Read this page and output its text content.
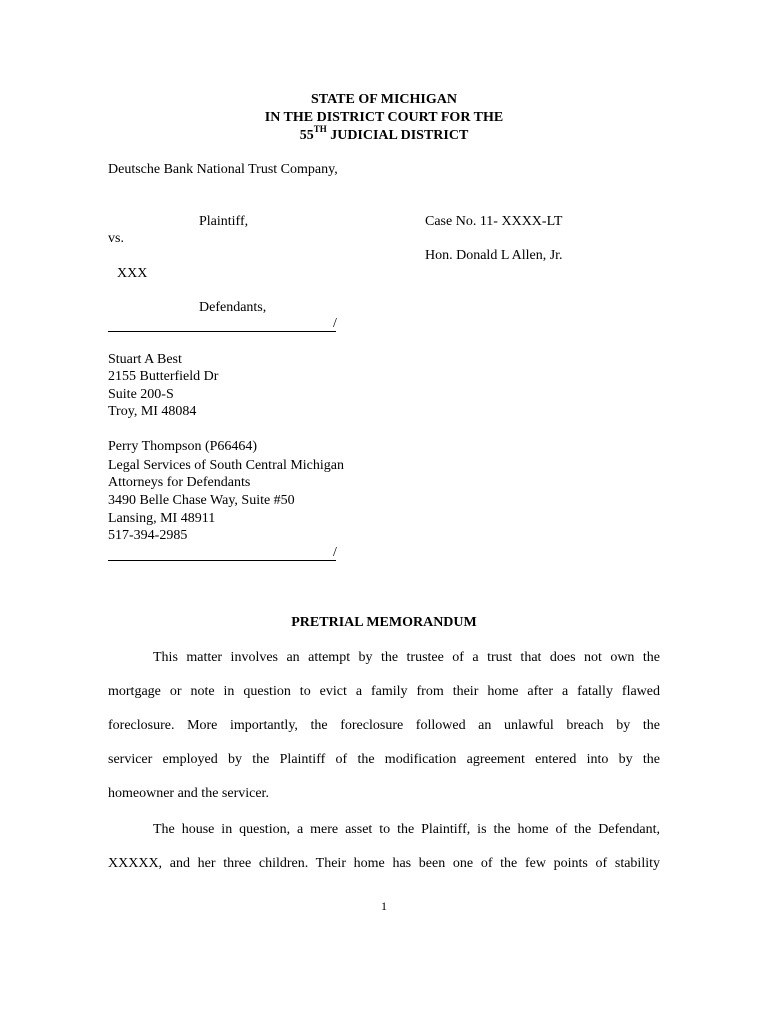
STATE OF MICHIGAN
IN THE DISTRICT COURT FOR THE
55TH JUDICIAL DISTRICT
Deutsche Bank National Trust Company,
Plaintiff,	Case No. 11- XXXX-LT
vs.
Hon. Donald L Allen, Jr.
XXX
Defendants,
/
Stuart A Best
2155 Butterfield Dr
Suite 200-S
Troy, MI 48084
Perry Thompson (P66464)
Legal Services of South Central Michigan
Attorneys for Defendants
3490 Belle Chase Way, Suite #50
Lansing, MI 48911
517-394-2985
/
PRETRIAL MEMORANDUM
This matter involves an attempt by the trustee of a trust that does not own the
mortgage or note in question to evict a family from their home after a fatally flawed
foreclosure. More importantly, the foreclosure followed an unlawful breach by the
servicer employed by the Plaintiff of the modification agreement entered into by the
homeowner and the servicer.
The house in question, a mere asset to the Plaintiff, is the home of the Defendant,
XXXXX, and her three children. Their home has been one of the few points of stability
1
